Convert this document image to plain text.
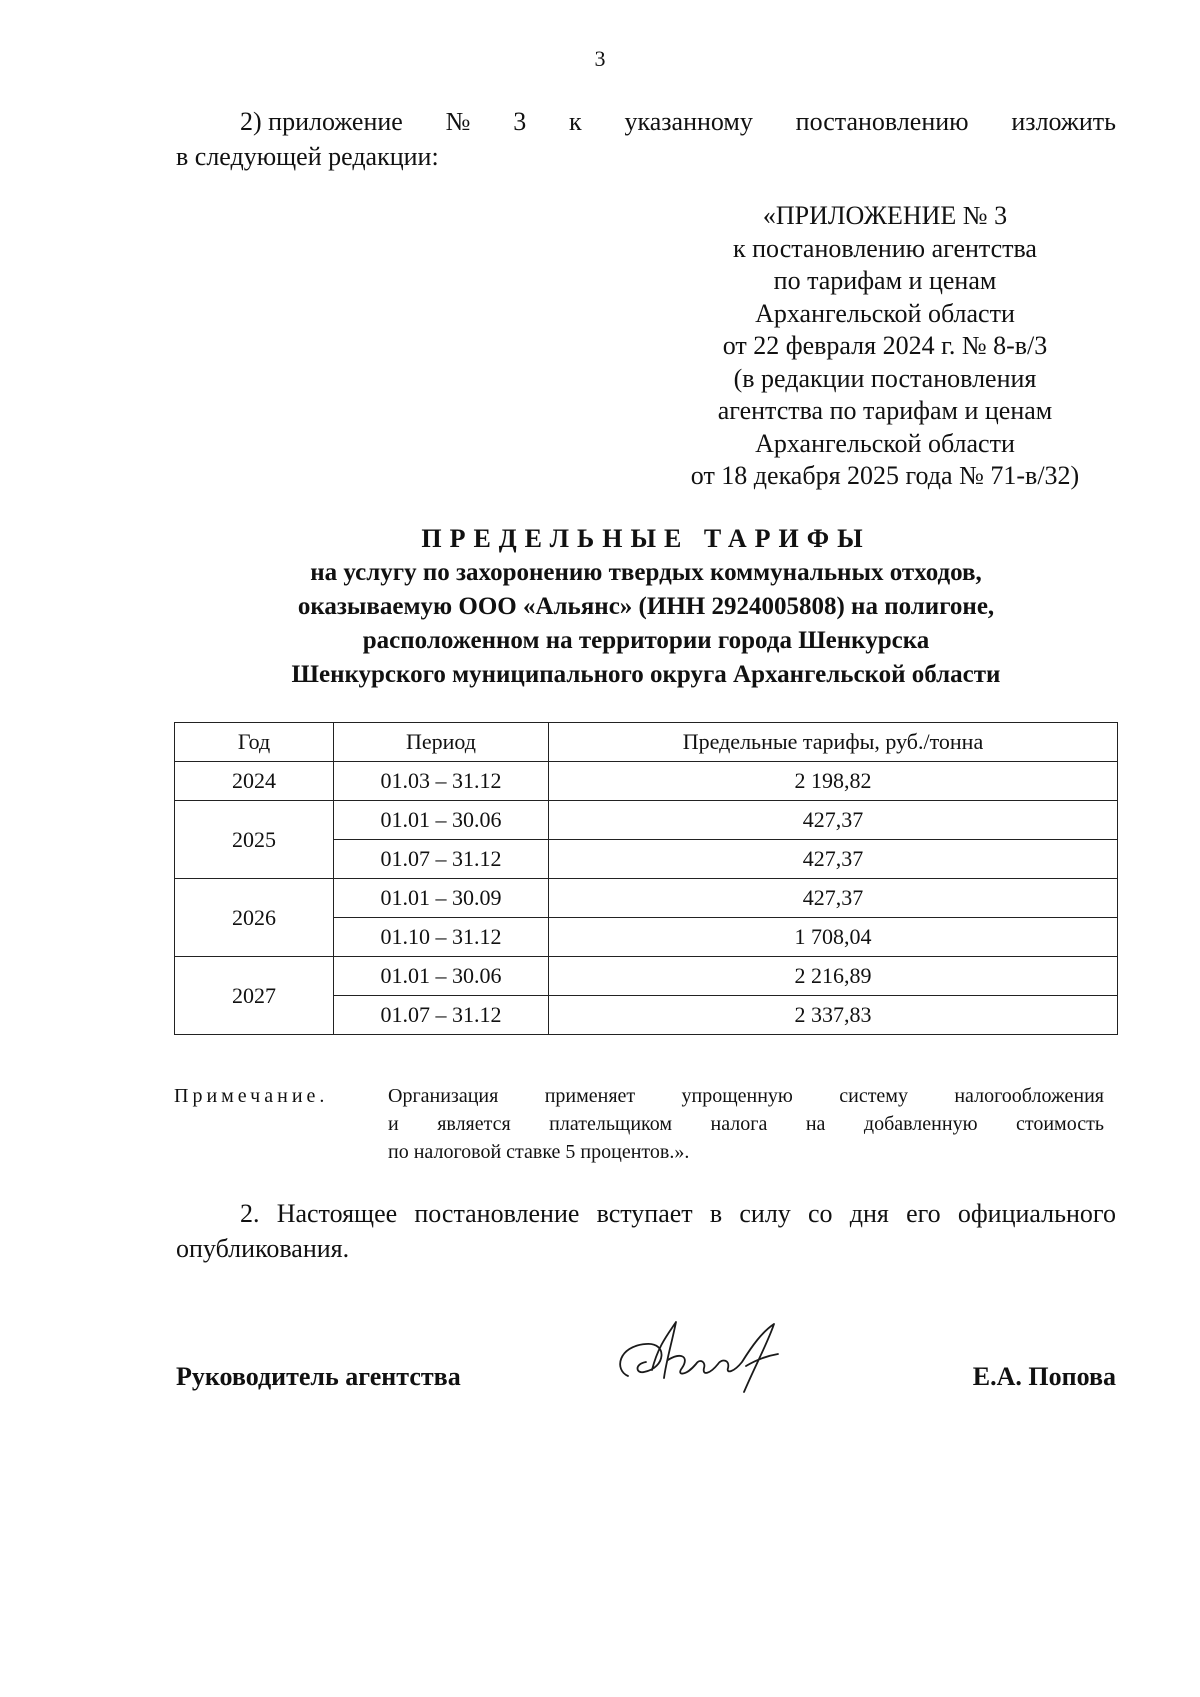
3
2) приложение № 3 к указанному постановлению изложить
в следующей редакции:
«ПРИЛОЖЕНИЕ № 3
к постановлению агентства
по тарифам и ценам
Архангельской области
от 22 февраля 2024 г. № 8-в/3
(в редакции постановления
агентства по тарифам и ценам
Архангельской области
от 18 декабря 2025 года № 71-в/32)
ПРЕДЕЛЬНЫЕ ТАРИФЫ
на услугу по захоронению твердых коммунальных отходов,
оказываемую ООО «Альянс» (ИНН 2924005808) на полигоне,
расположенном на территории города Шенкурска
Шенкурского муниципального округа Архангельской области
Год	Период	Предельные тарифы, руб./тонна
2024	01.03 – 31.12	2 198,82
2025	01.01 – 30.06	427,37
	01.07 – 31.12	427,37
2026	01.01 – 30.09	427,37
	01.10 – 31.12	1 708,04
2027	01.01 – 30.06	2 216,89
	01.07 – 31.12	2 337,83
Примечание.	Организация применяет упрощенную систему налогообложения
и является плательщиком налога на добавленную стоимость
по налоговой ставке 5 процентов.».
2. Настоящее постановление вступает в силу со дня его официального
опубликования.
Руководитель агентства	Е.А. Попова
